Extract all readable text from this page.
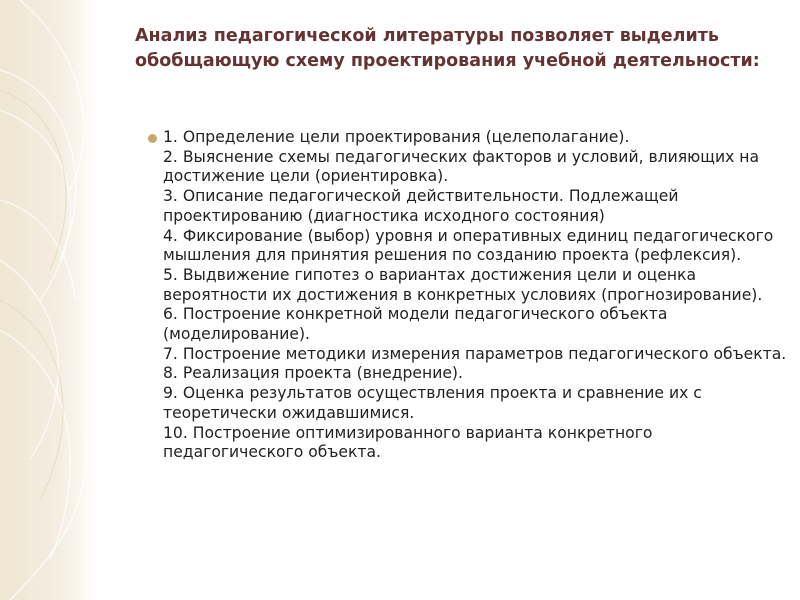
Анализ педагогической литературы позволяет выделить обобщающую схему проектирования учебной деятельности:
1. Определение цели проектирования (целеполагание).
2. Выяснение схемы педагогических факторов и условий, влияющих на достижение цели (ориентировка).
3. Описание педагогической действительности. Подлежащей проектированию (диагностика исходного состояния)
4. Фиксирование (выбор) уровня и оперативных единиц педагогического мышления для принятия решения по созданию проекта (рефлексия).
5. Выдвижение гипотез о вариантах достижения цели и оценка вероятности их достижения в конкретных условиях (прогнозирование).
6. Построение конкретной модели педагогического объекта (моделирование).
7. Построение методики измерения параметров педагогического объекта.
8. Реализация проекта (внедрение).
9. Оценка результатов осуществления проекта и сравнение их с теоретически ожидавшимися.
10. Построение оптимизированного варианта конкретного педагогического объекта.
